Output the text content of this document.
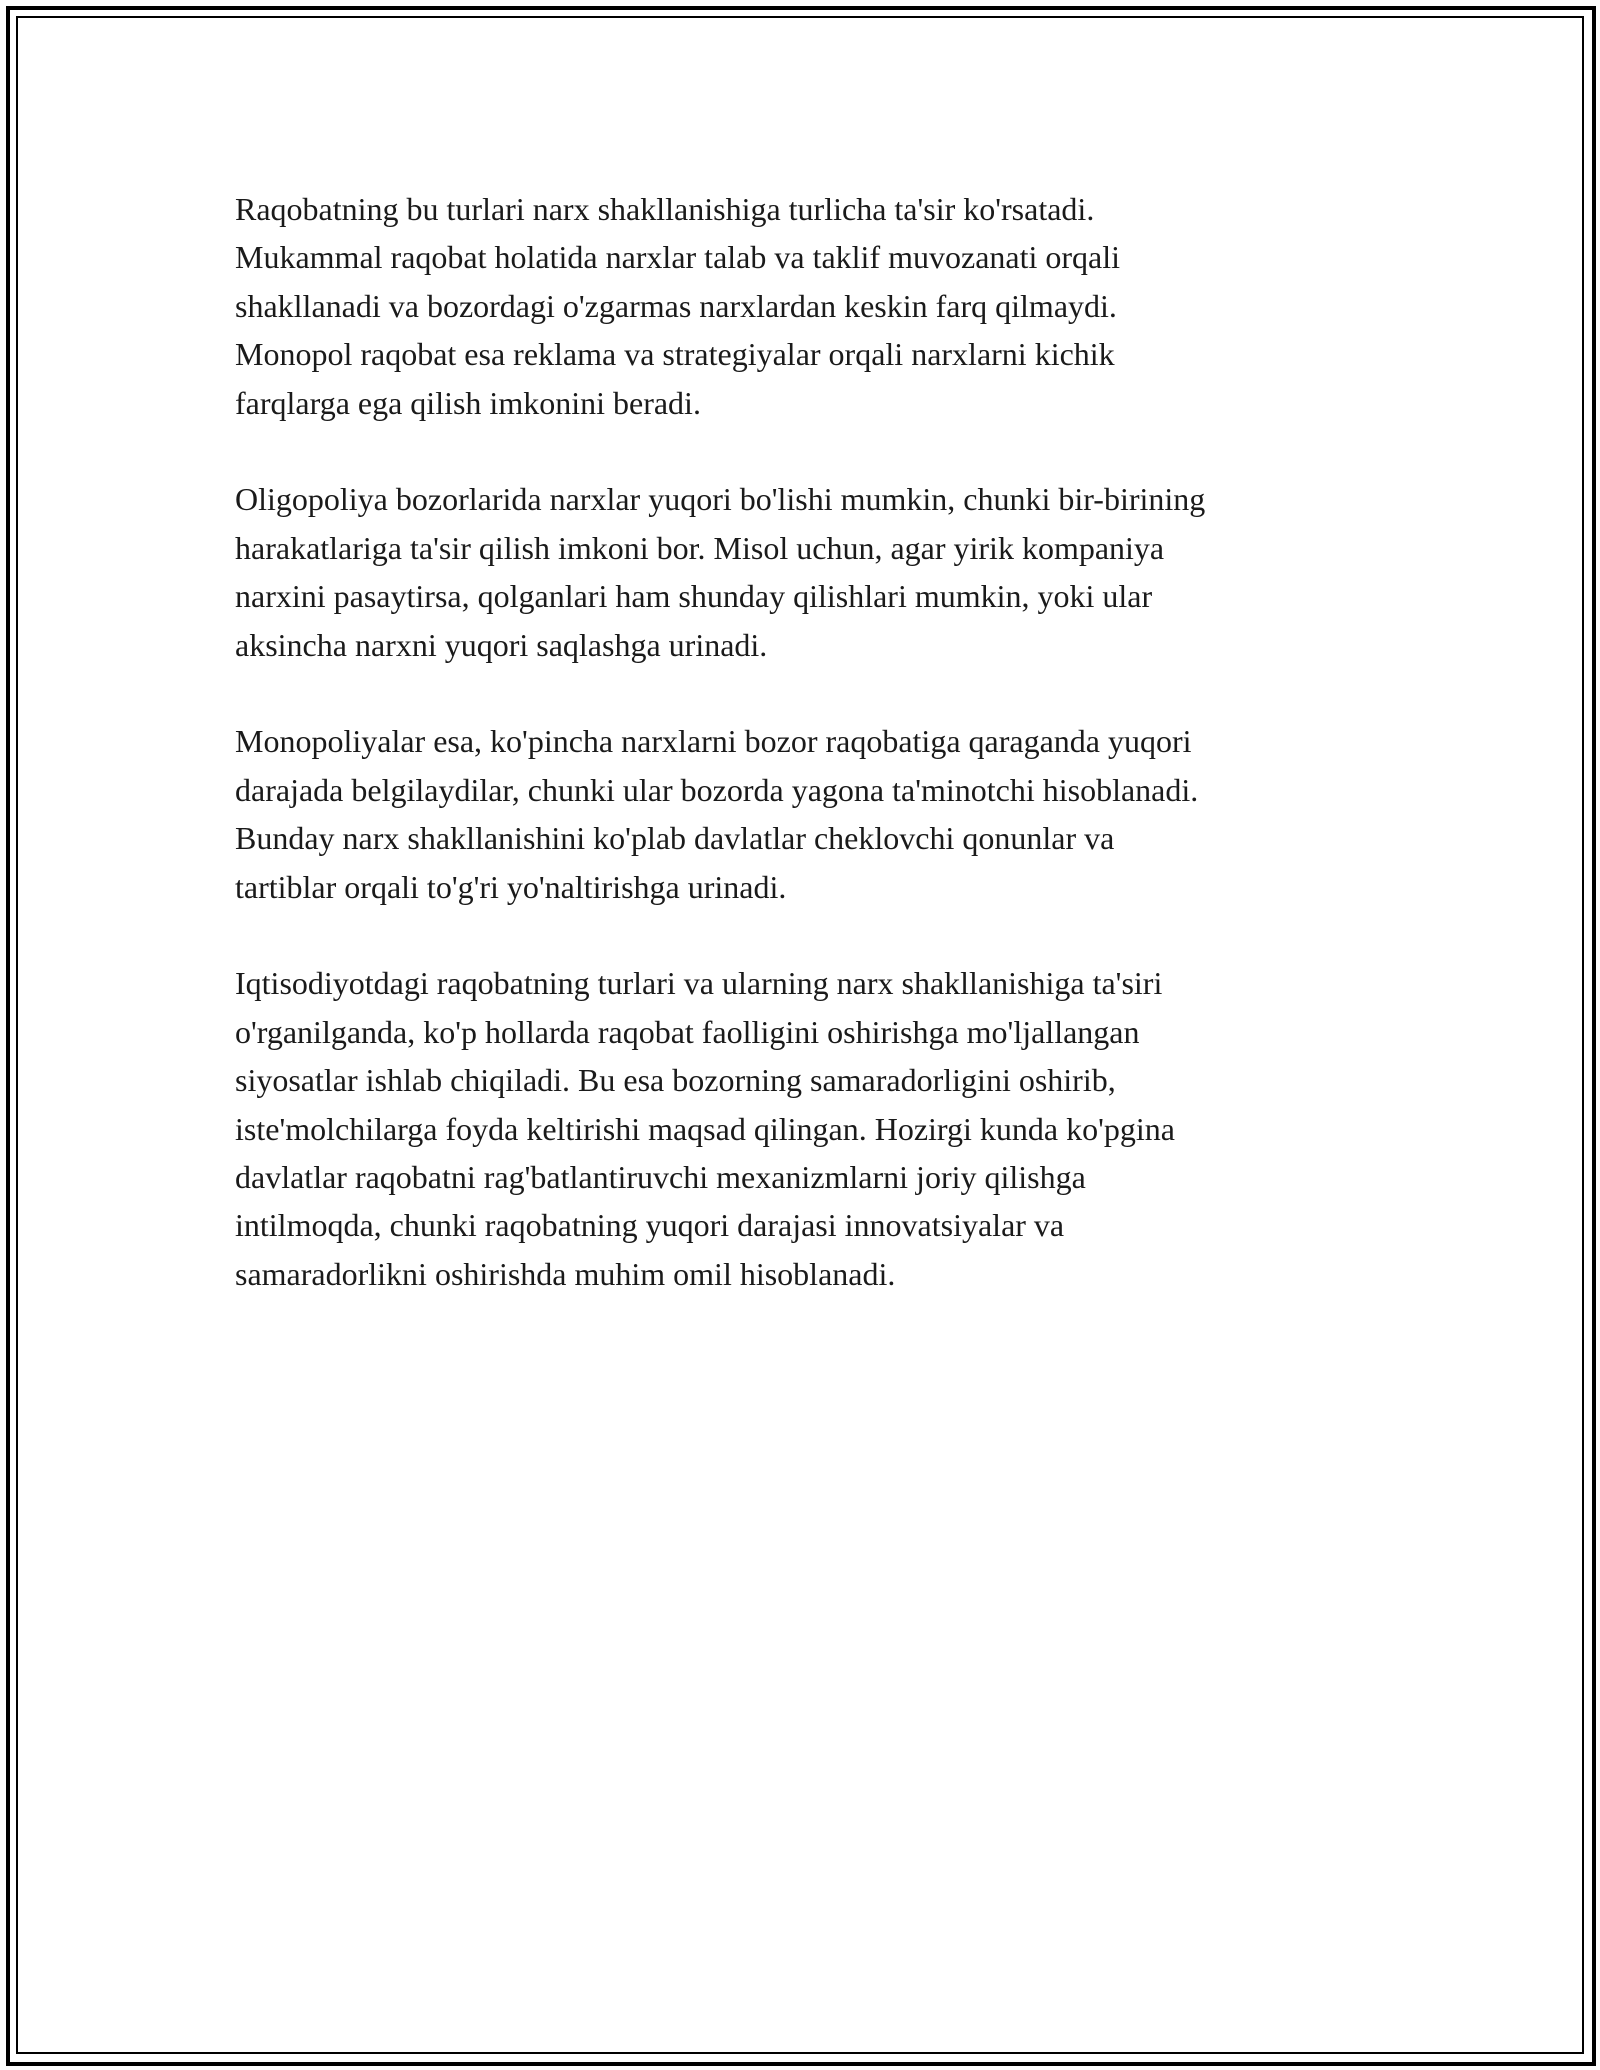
Raqobatning bu turlari narx shakllanishiga turlicha ta'sir ko'rsatadi.
Mukammal raqobat holatida narxlar talab va taklif muvozanati orqali
shakllanadi va bozordagi o'zgarmas narxlardan keskin farq qilmaydi.
Monopol raqobat esa reklama va strategiyalar orqali narxlarni kichik
farqlarga ega qilish imkonini beradi.

Oligopoliya bozorlarida narxlar yuqori bo'lishi mumkin, chunki bir-birining
harakatlariga ta'sir qilish imkoni bor. Misol uchun, agar yirik kompaniya
narxini pasaytirsa, qolganlari ham shunday qilishlari mumkin, yoki ular
aksincha narxni yuqori saqlashga urinadi.

Monopoliyalar esa, ko'pincha narxlarni bozor raqobatiga qaraganda yuqori
darajada belgilaydilar, chunki ular bozorda yagona ta'minotchi hisoblanadi.
Bunday narx shakllanishini ko'plab davlatlar cheklovchi qonunlar va
tartiblar orqali to'g'ri yo'naltirishga urinadi.

Iqtisodiyotdagi raqobatning turlari va ularning narx shakllanishiga ta'siri
o'rganilganda, ko'p hollarda raqobat faolligini oshirishga mo'ljallangan
siyosatlar ishlab chiqiladi. Bu esa bozorning samaradorligini oshirib,
iste'molchilarga foyda keltirishi maqsad qilingan. Hozirgi kunda ko'pgina
davlatlar raqobatni rag'batlantiruvchi mexanizmlarni joriy qilishga
intilmoqda, chunki raqobatning yuqori darajasi innovatsiyalar va
samaradorlikni oshirishda muhim omil hisoblanadi.
